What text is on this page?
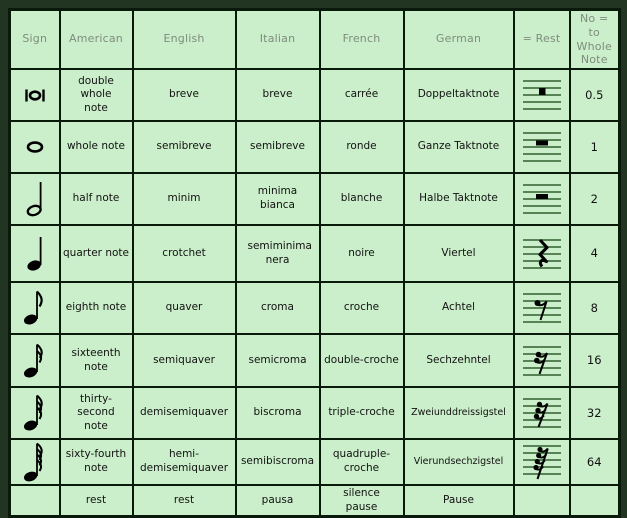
Sign	American	English	Italian	French	German	= Rest	No =
to
Whole
Note

	double whole note	breve	breve	carrée	Doppeltaktnote		0.5

	whole note	semibreve	semibreve	ronde	Ganze Taktnote		1

	half note	minim	minima bianca	blanche	Halbe Taktnote		2

	quarter note	crotchet	semiminima nera	noire	Viertel		4

	eighth note	quaver	croma	croche	Achtel		8

	sixteenth note	semiquaver	semicroma	double-croche	Sechzehntel		16

	thirty-second note	demisemiquaver	biscroma	triple-croche	Zweiunddreissigstel		32

	sixty-fourth note	hemi-demisemiquaver	semibiscroma	quadruple-croche	Vierundsechzigstel		64
	rest	rest	pausa	silence pause	Pause		
